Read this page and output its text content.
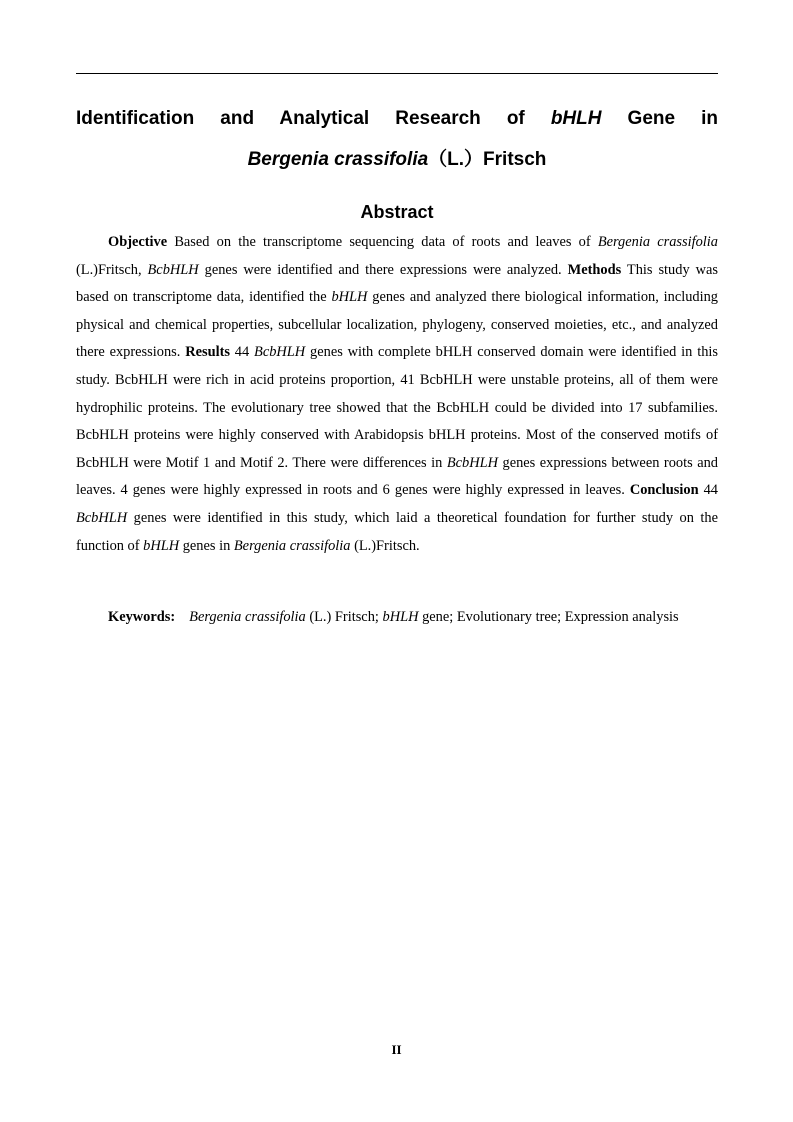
Identification and Analytical Research of bHLH Gene in
Bergenia crassifolia（L.）Fritsch
Abstract

Objective Based on the transcriptome sequencing data of roots and leaves of Bergenia crassifolia (L.)Fritsch, BcbHLH genes were identified and there expressions were analyzed. Methods This study was based on transcriptome data, identified the bHLH genes and analyzed there biological information, including physical and chemical properties, subcellular localization, phylogeny, conserved moieties, etc., and analyzed there expressions. Results 44 BcbHLH genes with complete bHLH conserved domain were identified in this study. BcbHLH were rich in acid proteins proportion, 41 BcbHLH were unstable proteins, all of them were hydrophilic proteins. The evolutionary tree showed that the BcbHLH could be divided into 17 subfamilies. BcbHLH proteins were highly conserved with Arabidopsis bHLH proteins. Most of the conserved motifs of BcbHLH were Motif 1 and Motif 2. There were differences in BcbHLH genes expressions between roots and leaves. 4 genes were highly expressed in roots and 6 genes were highly expressed in leaves. Conclusion 44 BcbHLH genes were identified in this study, which laid a theoretical foundation for further study on the function of bHLH genes in Bergenia crassifolia (L.)Fritsch.

Keywords: Bergenia crassifolia (L.) Fritsch; bHLH gene; Evolutionary tree; Expression analysis

II
